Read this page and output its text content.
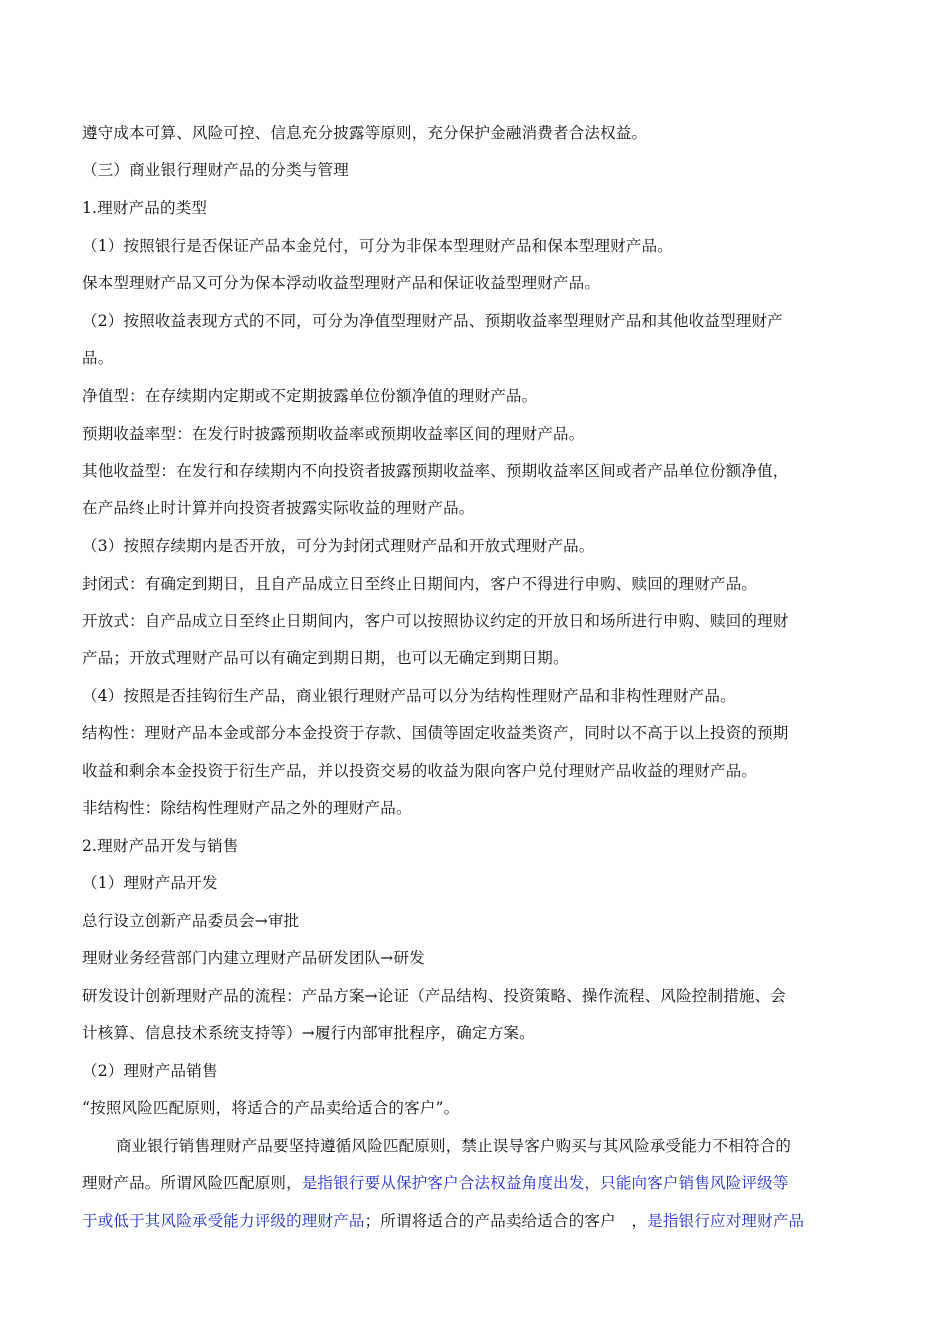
遵守成本可算、风险可控、信息充分披露等原则，充分保护金融消费者合法权益。
（三）商业银行理财产品的分类与管理
1.理财产品的类型
（1）按照银行是否保证产品本金兑付，可分为非保本型理财产品和保本型理财产品。
保本型理财产品又可分为保本浮动收益型理财产品和保证收益型理财产品。
（2）按照收益表现方式的不同，可分为净值型理财产品、预期收益率型理财产品和其他收益型理财产
品。
净值型：在存续期内定期或不定期披露单位份额净值的理财产品。
预期收益率型：在发行时披露预期收益率或预期收益率区间的理财产品。
其他收益型：在发行和存续期内不向投资者披露预期收益率、预期收益率区间或者产品单位份额净值，
在产品终止时计算并向投资者披露实际收益的理财产品。
（3）按照存续期内是否开放，可分为封闭式理财产品和开放式理财产品。
封闭式：有确定到期日，且自产品成立日至终止日期间内，客户不得进行申购、赎回的理财产品。
开放式：自产品成立日至终止日期间内，客户可以按照协议约定的开放日和场所进行申购、赎回的理财
产品；开放式理财产品可以有确定到期日期，也可以无确定到期日期。
（4）按照是否挂钩衍生产品，商业银行理财产品可以分为结构性理财产品和非构性理财产品。
结构性：理财产品本金或部分本金投资于存款、国债等固定收益类资产，同时以不高于以上投资的预期
收益和剩余本金投资于衍生产品，并以投资交易的收益为限向客户兑付理财产品收益的理财产品。
非结构性：除结构性理财产品之外的理财产品。
2.理财产品开发与销售
（1）理财产品开发
总行设立创新产品委员会→审批
理财业务经营部门内建立理财产品研发团队→研发
研发设计创新理财产品的流程：产品方案→论证（产品结构、投资策略、操作流程、风险控制措施、会
计核算、信息技术系统支持等）→履行内部审批程序，确定方案。
（2）理财产品销售
“按照风险匹配原则，将适合的产品卖给适合的客户”。
商业银行销售理财产品要坚持遵循风险匹配原则，禁止误导客户购买与其风险承受能力不相符合的
理财产品。所谓风险匹配原则，是指银行要从保护客户合法权益角度出发，只能向客户销售风险评级等
于或低于其风险承受能力评级的理财产品；所谓将适合的产品卖给适合的客户　，是指银行应对理财产品
